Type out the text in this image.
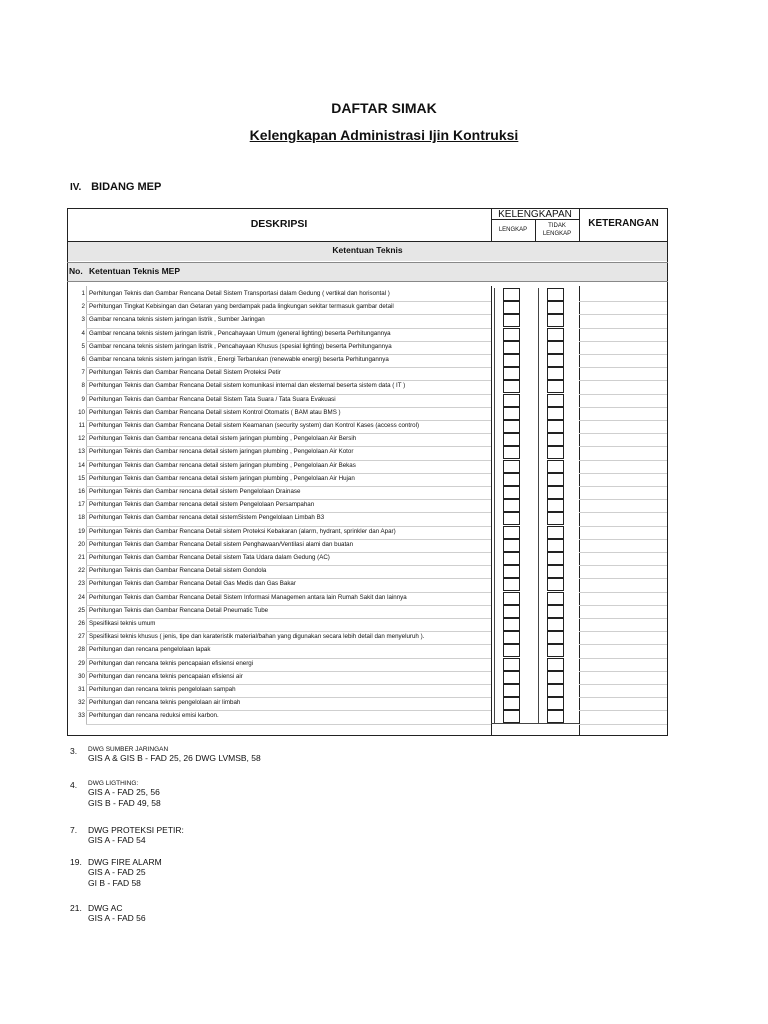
DAFTAR SIMAK
Kelengkapan Administrasi Ijin Kontruksi
IV. BIDANG MEP
DESKRIPSI
KELENGKAPAN
KETERANGAN
LENGKAP
TIDAK LENGKAP
Ketentuan Teknis
No. Ketentuan Teknis MEP
1 Perhitungan Teknis dan Gambar Rencana Detail Sistem Transportasi dalam Gedung ( vertikal dan horisontal )
2 Perhitungan Tingkat Kebisingan dan Getaran yang berdampak pada lingkungan sekitar termasuk gambar detail
3 Gambar rencana teknis sistem jaringan listrik , Sumber Jaringan
4 Gambar rencana teknis sistem jaringan listrik , Pencahayaan Umum (general lighting) beserta Perhitungannya
5 Gambar rencana teknis sistem jaringan listrik , Pencahayaan Khusus (spesial lighting) beserta Perhitungannya
6 Gambar rencana teknis sistem jaringan listrik , Energi Terbarukan (renewable energi) beserta Perhitungannya
7 Perhitungan Teknis dan Gambar Rencana Detail Sistem Proteksi Petir
8 Perhitungan Teknis dan Gambar Rencana Detail sistem komunikasi internal dan eksternal beserta sistem data ( IT )
9 Perhitungan Teknis dan Gambar Rencana Detail Sistem Tata Suara / Tata Suara Evakuasi
10 Perhitungan Teknis dan Gambar Rencana Detail sistem Kontrol Otomatis ( BAM atau BMS )
11 Perhitungan Teknis dan Gambar Rencana Detail sistem Keamanan (security system) dan Kontrol Kases (access control)
12 Perhitungan Teknis dan Gambar rencana detail sistem jaringan plumbing , Pengelolaan Air Bersih
13 Perhitungan Teknis dan Gambar rencana detail sistem jaringan plumbing , Pengelolaan Air Kotor
14 Perhitungan Teknis dan Gambar rencana detail sistem jaringan plumbing , Pengelolaan Air Bekas
15 Perhitungan Teknis dan Gambar rencana detail sistem jaringan plumbing , Pengelolaan Air Hujan
16 Perhitungan Teknis dan Gambar rencana detail sistem Pengelolaan Drainase
17 Perhitungan Teknis dan Gambar rencana detail sistem Pengelolaan Persampahan
18 Perhitungan Teknis dan Gambar rencana detail sistemSistem Pengelolaan Limbah B3
19 Perhitungan Teknis dan Gambar Rencana Detail sistem Proteksi Kebakaran (alarm, hydrant, sprinkler dan Apar)
20 Perhitungan Teknis dan Gambar Rencana Detail sistem Penghawaan/Ventilasi alami dan buatan
21 Perhitungan Teknis dan Gambar Rencana Detail sistem Tata Udara dalam Gedung (AC)
22 Perhitungan Teknis dan Gambar Rencana Detail sistem Gondola
23 Perhitungan Teknis dan Gambar Rencana Detail Gas Medis dan Gas Bakar
24 Perhitungan Teknis dan Gambar Rencana Detail Sistem Informasi Managemen antara lain Rumah Sakit dan lainnya
25 Perhitungan Teknis dan Gambar Rencana Detail Pneumatic Tube
26 Spesifikasi teknis umum
27 Spesifikasi teknis khusus ( jenis, tipe dan karateristik material/bahan yang digunakan secara lebih detail dan menyeluruh ).
28 Perhitungan dan rencana pengelolaan lapak
29 Perhitungan dan rencana teknis pencapaian efisiensi energi
30 Perhitungan dan rencana teknis pencapaian efisiensi air
31 Perhitungan dan rencana teknis pengelolaan sampah
32 Perhitungan dan rencana teknis pengelolaan air limbah
33 Perhitungan dan rencana reduksi emisi karbon.
3. DWG SUMBER JARINGAN
GIS A & GIS B - FAD 25, 26 DWG LVMSB, 58
4. DWG LIGTHING:
GIS A - FAD 25, 56
GIS B - FAD 49, 58
7. DWG PROTEKSI PETIR:
GIS A - FAD 54
19. DWG FIRE ALARM
GIS A - FAD 25
GI B - FAD 58
21. DWG AC
GIS A - FAD 56
